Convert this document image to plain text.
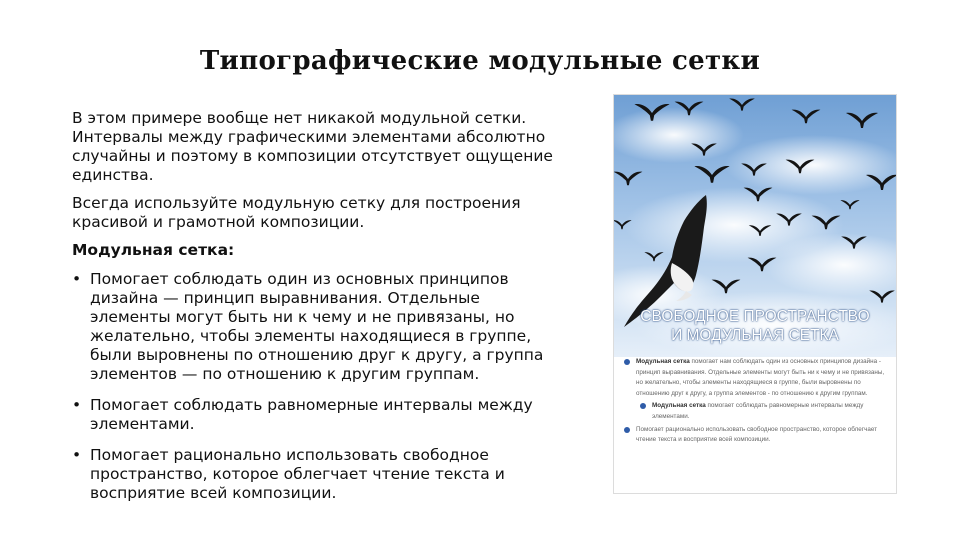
Типографические модульные сетки

В этом примере вообще нет никакой модульной сетки. Интервалы между графическими элементами абсолютно случайны и поэтому в композиции отсутствует ощущение единства.

Всегда используйте модульную сетку для построения красивой и грамотной композиции.

Модульная сетка:

• Помогает соблюдать один из основных принципов дизайна — принцип выравнивания. Отдельные элементы могут быть ни к чему и не привязаны, но желательно, чтобы элементы находящиеся в группе, были выровнены по отношению друг к другу, а группа элементов — по отношению к другим группам.
• Помогает соблюдать равномерные интервалы между элементами.
• Помогает рационально использовать свободное пространство, которое облегчает чтение текста и восприятие всей композиции.
СВОБОДНОЕ ПРОСТРАНСТВО
И МОДУЛЬНАЯ СЕТКА
Модульная сетка помогает нам соблюдать один из основных принципов дизайна - принцип выравнивания. Отдельные элементы могут быть ни к чему и не привязаны, но желательно, чтобы элементы находящиеся в группе, были выровнены по отношению друг к другу, а группа элементов - по отношению к другим группам.
Модульная сетка помогает соблюдать равномерные интервалы между элементами.
Помогает рационально использовать свободное пространство, которое облегчает чтение текста и восприятие всей композиции.
